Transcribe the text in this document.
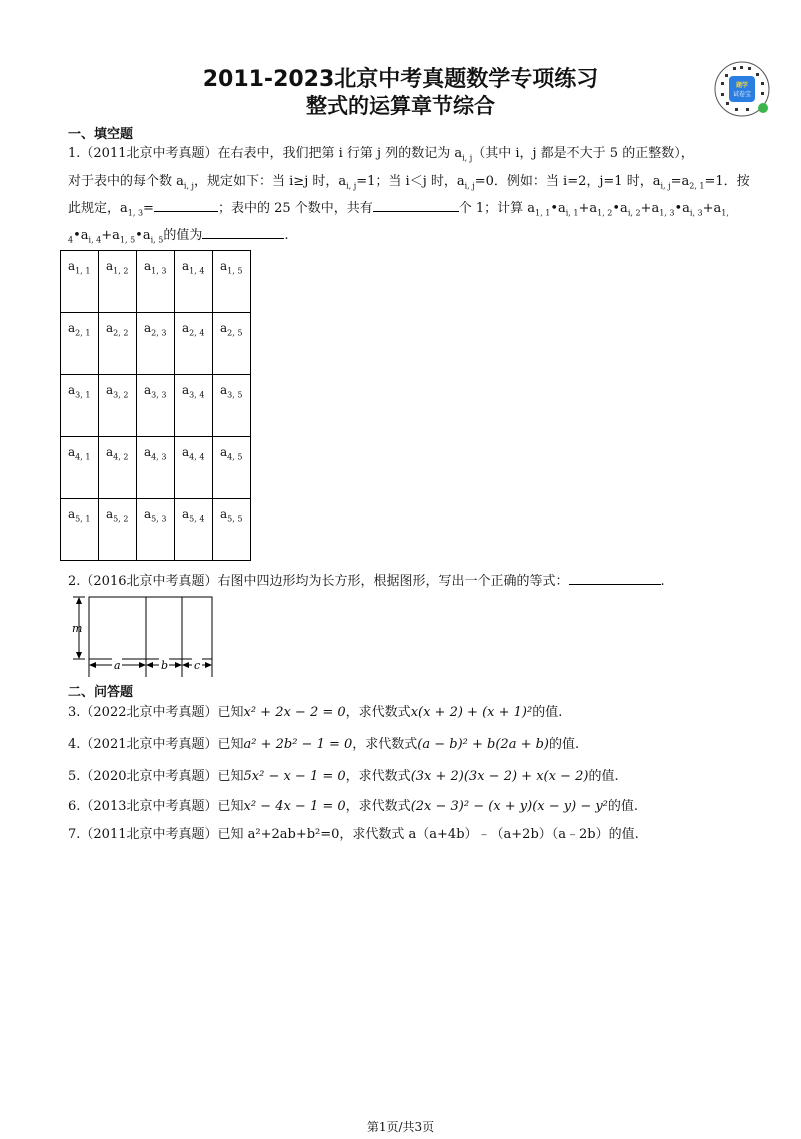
2011-2023北京中考真题数学专项练习
整式的运算章节综合
题学
试卷宝
一、填空题
1.（2011北京中考真题）在右表中，我们把第 i 行第 j 列的数记为 $a_{i, j}$（其中 i，j 都是不大于 5 的正整数），
对于表中的每个数 $a_{i, j}$，规定如下：当 i≥j 时，$a_{i, j}=1$；当 i＜j 时，$a_{i, j}=0$．例如：当 i=2，j=1 时，$a_{i, j}=a_{2, 1}=1$．按
此规定，$a_{1, 3}=$	；表中的 25 个数中，共有	个 1；计算 $a_{1, 1}•a_{i, 1}+a_{1, 2}•a_{i, 2}+a_{1, 3}•a_{i, 3}+a_{1,}$
$_4•a_{i, 4}+a_{1, 5}•a_{i, 5}$的值为	.
$a_{1, 1}$	$a_{1, 2}$	$a_{1, 3}$	$a_{1, 4}$	$a_{1, 5}$
$a_{2, 1}$	$a_{2, 2}$	$a_{2, 3}$	$a_{2, 4}$	$a_{2, 5}$
$a_{3, 1}$	$a_{3, 2}$	$a_{3, 3}$	$a_{3, 4}$	$a_{3, 5}$
$a_{4, 1}$	$a_{4, 2}$	$a_{4, 3}$	$a_{4, 4}$	$a_{4, 5}$
$a_{5, 1}$	$a_{5, 2}$	$a_{5, 3}$	$a_{5, 4}$	$a_{5, 5}$
2.（2016北京中考真题）右图中四边形均为长方形，根据图形，写出一个正确的等式：	.
m
a	b c
二、问答题
3.（2022北京中考真题）已知x² + 2x − 2 = 0，求代数式x(x + 2) + (x + 1)²的值.
4.（2021北京中考真题）已知a² + 2b² − 1 = 0，求代数式(a − b)² + b(2a + b)的值.
5.（2020北京中考真题）已知5x² − x − 1 = 0，求代数式(3x + 2)(3x − 2) + x(x − 2)的值.
6.（2013北京中考真题）已知x² − 4x − 1 = 0，求代数式(2x − 3)² − (x + y)(x − y) − y²的值.
7.（2011北京中考真题）已知 a²+2ab+b²=0，求代数式 a（a+4b）﹣（a+2b）（a﹣2b）的值.
第1页/共3页
